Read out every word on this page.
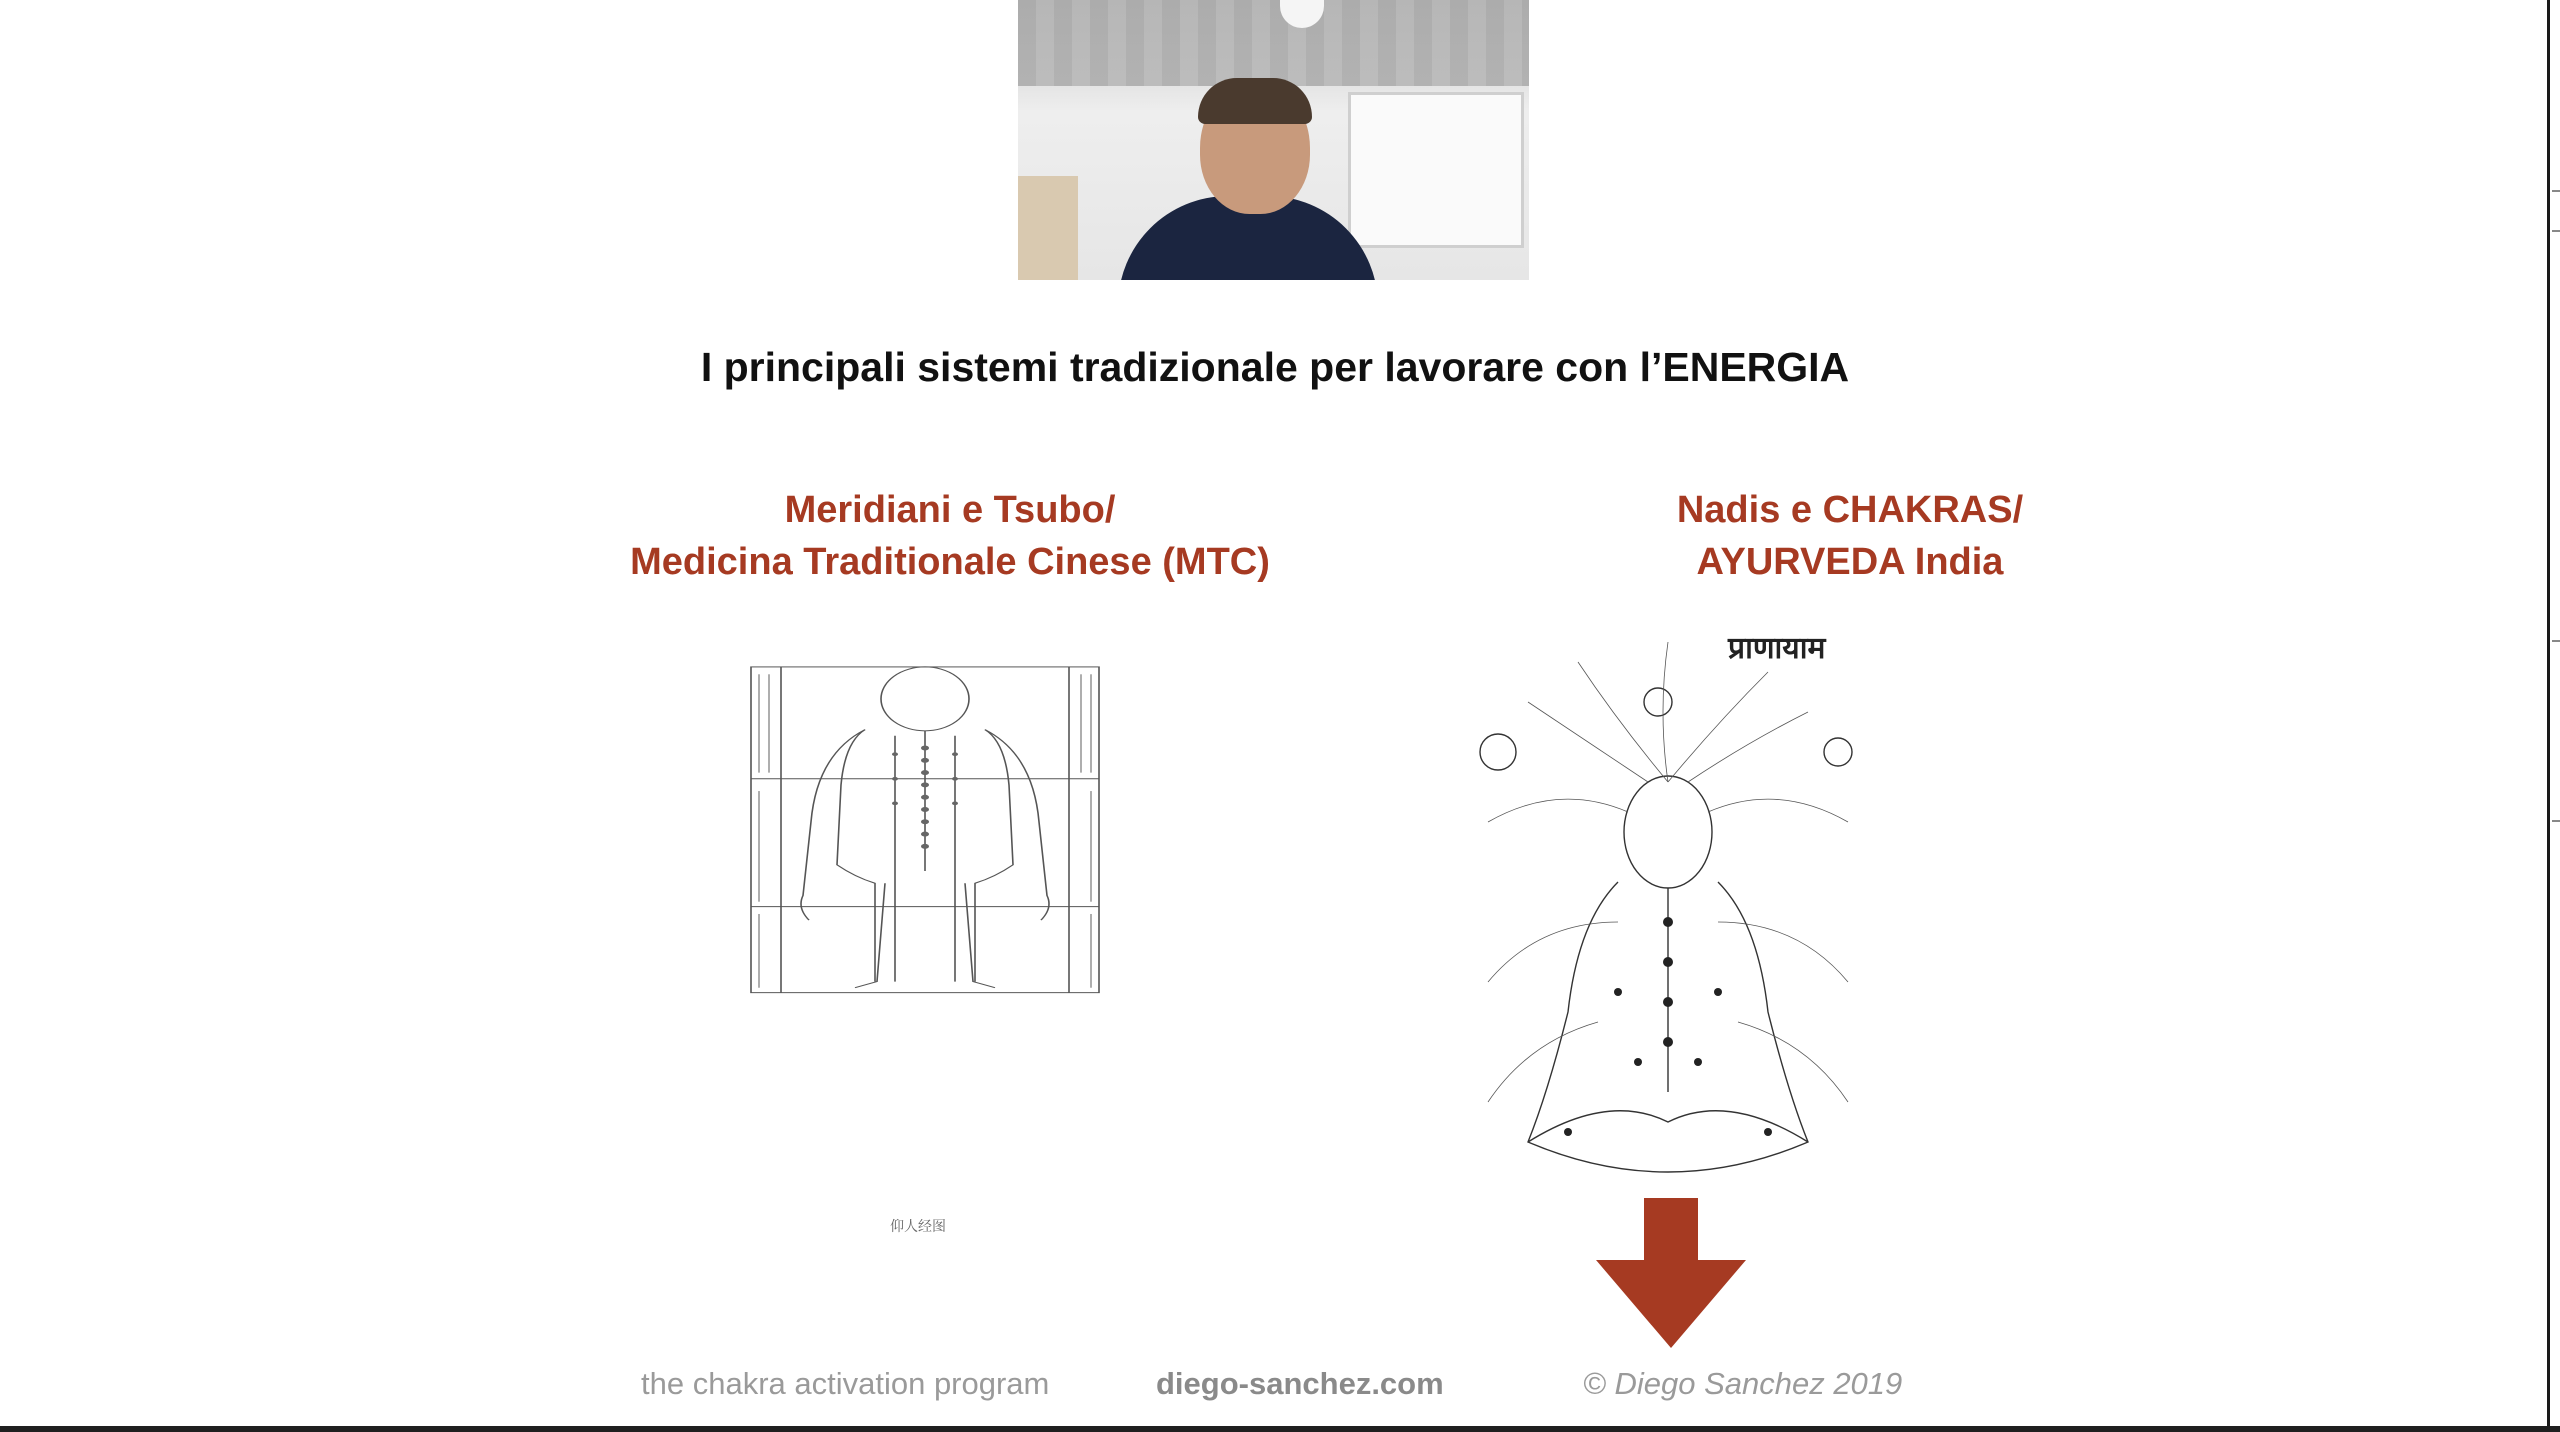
I principali sistemi tradizionale per lavorare con l’ENERGIA
Meridiani e Tsubo/
Medicina Traditionale Cinese (MTC)
Nadis e CHAKRAS/
AYURVEDA India
仰人经图
प्राणायाम
the chakra activation program	diego-sanchez.com	© Diego Sanchez 2019
